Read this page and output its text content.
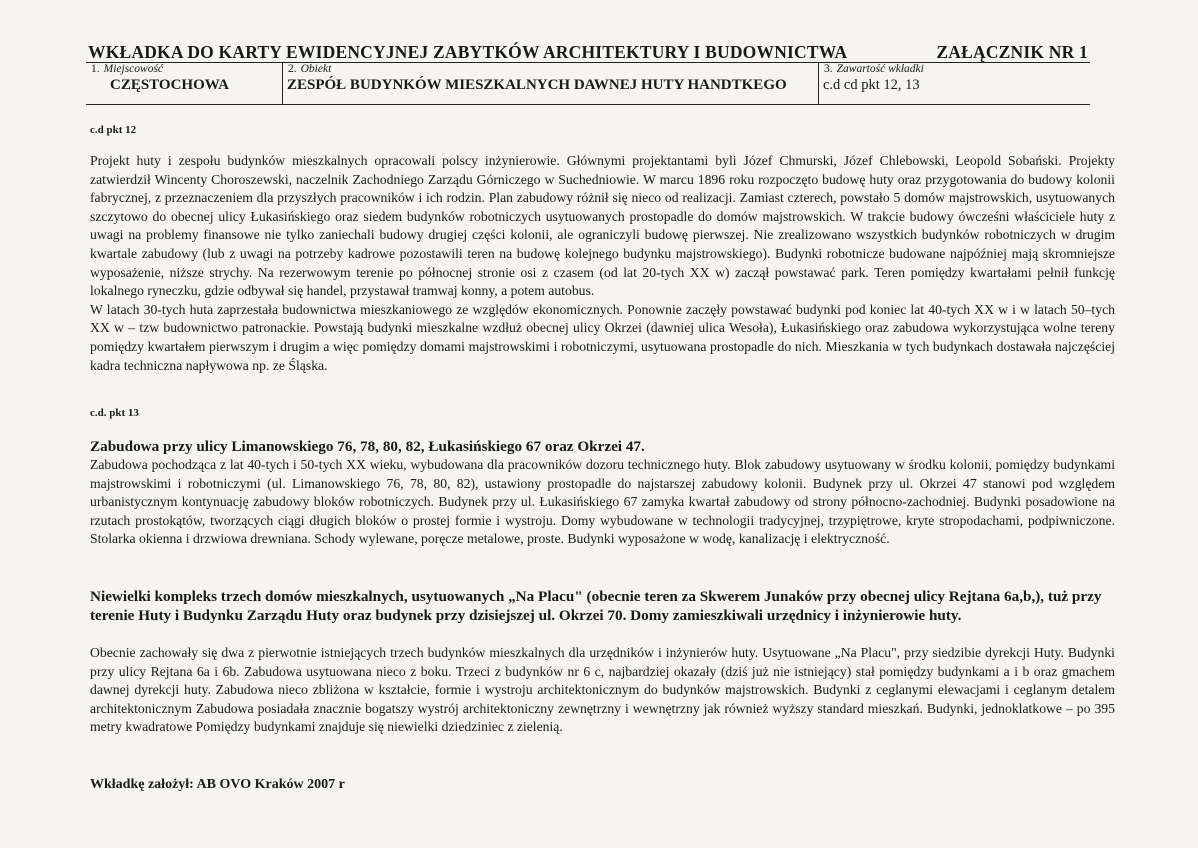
WKŁADKA DO KARTY EWIDENCYJNEJ ZABYTKÓW ARCHITEKTURY I BUDOWNICTWA	ZAŁĄCZNIK NR 1
1. Miejscowość
CZĘSTOCHOWA
2. Obiekt
ZESPÓŁ BUDYNKÓW MIESZKALNYCH DAWNEJ HUTY HANDTKEGO
3. Zawartość wkładki
c.d cd pkt 12, 13
c.d pkt 12

Projekt huty i zespołu budynków mieszkalnych opracowali polscy inżynierowie. Głównymi projektantami byli Józef Chmurski, Józef Chlebowski, Leopold Sobański. Projekty zatwierdził Wincenty Choroszewski, naczelnik Zachodniego Zarządu Górniczego w Suchedniowie. W marcu 1896 roku rozpoczęto budowę huty oraz przygotowania do budowy kolonii fabrycznej, z przeznaczeniem dla przyszłych pracowników i ich rodzin. Plan zabudowy różnił się nieco od realizacji. Zamiast czterech, powstało 5 domów majstrowskich, usytuowanych szczytowo do obecnej ulicy Łukasińskiego oraz siedem budynków robotniczych usytuowanych prostopadle do domów majstrowskich. W trakcie budowy ówcześni właściciele huty z uwagi na problemy finansowe nie tylko zaniechali budowy drugiej części kolonii, ale ograniczyli budowę pierwszej. Nie zrealizowano wszystkich budynków robotniczych w drugim kwartale zabudowy (lub z uwagi na potrzeby kadrowe pozostawili teren na budowę kolejnego budynku majstrowskiego). Budynki robotnicze budowane najpóźniej mają skromniejsze wyposażenie, niższe strychy. Na rezerwowym terenie po północnej stronie osi z czasem (od lat 20-tych XX w) zaczął powstawać park. Teren pomiędzy kwartałami pełnił funkcję lokalnego ryneczku, gdzie odbywał się handel, przystawał tramwaj konny, a potem autobus.

W latach 30-tych huta zaprzestała budownictwa mieszkaniowego ze względów ekonomicznych. Ponownie zaczęły powstawać budynki pod koniec lat 40-tych XX w i w latach 50–tych XX w – tzw budownictwo patronackie. Powstają budynki mieszkalne wzdłuż obecnej ulicy Okrzei (dawniej ulica Wesoła), Łukasińskiego oraz zabudowa wykorzystująca wolne tereny pomiędzy kwartałem pierwszym i drugim a więc pomiędzy domami majstrowskimi i robotniczymi, usytuowana prostopadle do nich. Mieszkania w tych budynkach dostawała najczęściej kadra techniczna napływowa np. ze Śląska.

c.d. pkt 13
Zabudowa przy ulicy Limanowskiego 76, 78, 80, 82, Łukasińskiego 67 oraz Okrzei 47.

Zabudowa pochodząca z lat 40-tych i 50-tych XX wieku, wybudowana dla pracowników dozoru technicznego huty. Blok zabudowy usytuowany w środku kolonii, pomiędzy budynkami majstrowskimi i robotniczymi (ul. Limanowskiego 76, 78, 80, 82), ustawiony prostopadle do najstarszej zabudowy kolonii. Budynek przy ul. Okrzei 47 stanowi pod względem urbanistycznym kontynuację zabudowy bloków robotniczych. Budynek przy ul. Łukasińskiego 67 zamyka kwartał zabudowy od strony północno-zachodniej. Budynki posadowione na rzutach prostokątów, tworzących ciągi długich bloków o prostej formie i wystroju. Domy wybudowane w technologii tradycyjnej, trzypiętrowe, kryte stropodachami, podpiwniczone. Stolarka okienna i drzwiowa drewniana. Schody wylewane, poręcze metalowe, proste. Budynki wyposażone w wodę, kanalizację i elektryczność.

Niewielki kompleks trzech domów mieszkalnych, usytuowanych „Na Placu" (obecnie teren za Skwerem Junaków przy obecnej ulicy Rejtana 6a,b,), tuż przy terenie Huty i Budynku Zarządu Huty oraz budynek przy dzisiejszej ul. Okrzei 70. Domy zamieszkiwali urzędnicy i inżynierowie huty.

Obecnie zachowały się dwa z pierwotnie istniejących trzech budynków mieszkalnych dla urzędników i inżynierów huty. Usytuowane „Na Placu", przy siedzibie dyrekcji Huty. Budynki przy ulicy Rejtana 6a i 6b. Zabudowa usytuowana nieco z boku. Trzeci z budynków nr 6 c, najbardziej okazały (dziś już nie istniejący) stał pomiędzy budynkami a i b oraz gmachem dawnej dyrekcji huty. Zabudowa nieco zbliżona w kształcie, formie i wystroju architektonicznym do budynków majstrowskich. Budynki z ceglanymi elewacjami i ceglanym detalem architektonicznym Zabudowa posiadała znacznie bogatszy wystrój architektoniczny zewnętrzny i wewnętrzny jak również wyższy standard mieszkań. Budynki, jednoklatkowe – po 395 metry kwadratowe Pomiędzy budynkami znajduje się niewielki dziedziniec z zielenią.

Wkładkę założył: AB OVO Kraków 2007 r
